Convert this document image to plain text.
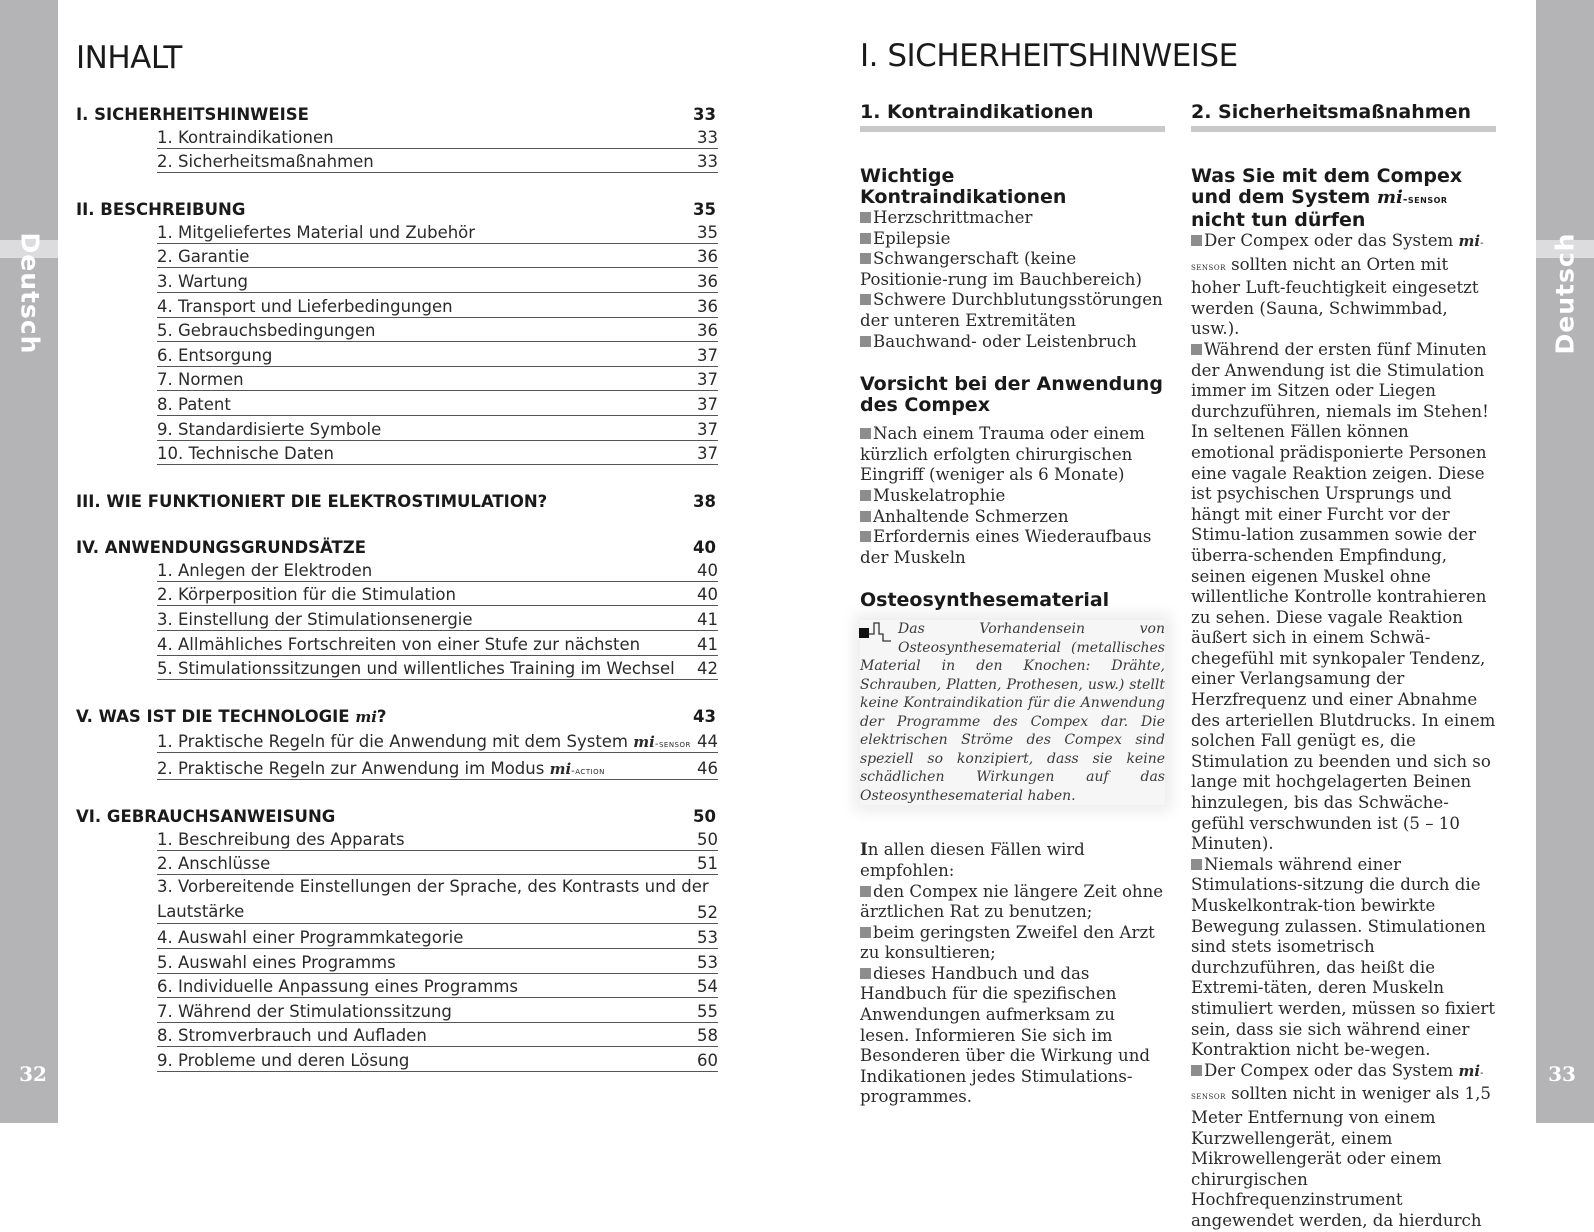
Deutsch
32
Deutsch
33
INHALT
I. SICHERHEITSHINWEISE	33
1. Kontraindikationen	33
2. Sicherheitsmaßnahmen	33
II. BESCHREIBUNG	35
1. Mitgeliefertes Material und Zubehör	35
2. Garantie	36
3. Wartung	36
4. Transport und Lieferbedingungen	36
5. Gebrauchsbedingungen	36
6. Entsorgung	37
7. Normen	37
8. Patent	37
9. Standardisierte Symbole	37
10. Technische Daten	37
III. WIE FUNKTIONIERT DIE ELEKTROSTIMULATION?	38
IV. ANWENDUNGSGRUNDSÄTZE	40
1. Anlegen der Elektroden	40
2. Körperposition für die Stimulation	40
3. Einstellung der Stimulationsenergie	41
4. Allmähliches Fortschreiten von einer Stufe zur nächsten	41
5. Stimulationssitzungen und willentliches Training im Wechsel 42
V. WAS IST DIE TECHNOLOGIE mi?	43
1. Praktische Regeln für die Anwendung mit dem System mi-sensor 44
2. Praktische Regeln zur Anwendung im Modus mi-action	46
VI. GEBRAUCHSANWEISUNG	50
1. Beschreibung des Apparats	50
2. Anschlüsse	51
3. Vorbereitende Einstellungen der Sprache, des Kontrasts und der
Lautstärke	52
4. Auswahl einer Programmkategorie	53
5. Auswahl eines Programms	53
6. Individuelle Anpassung eines Programms	54
7. Während der Stimulationssitzung	55
8. Stromverbrauch und Aufladen	58
9. Probleme und deren Lösung	60
I. SICHERHEITSHINWEISE
1. Kontraindikationen
Wichtige Kontraindikationen
Herzschrittmacher
Epilepsie
Schwangerschaft (keine Positionie-rung im Bauchbereich)
Schwere Durchblutungsstörungen der unteren Extremitäten
Bauchwand- oder Leistenbruch
Vorsicht bei der Anwendung des Compex
Nach einem Trauma oder einem kürzlich erfolgten chirurgischen Eingriff (weniger als 6 Monate)
Muskelatrophie
Anhaltende Schmerzen
Erfordernis eines Wiederaufbaus der Muskeln
Osteosynthesematerial
Das Vorhandensein von Osteosynthesematerial (metallisches Material in den Knochen: Drähte, Schrauben, Platten, Prothesen, usw.) stellt keine Kontraindikation für die Anwendung der Programme des Compex dar. Die elektrischen Ströme des Compex sind speziell so konzipiert, dass sie keine schädlichen Wirkungen auf das Osteosynthesematerial haben.
In allen diesen Fällen wird empfohlen:
den Compex nie längere Zeit ohne ärztlichen Rat zu benutzen;
beim geringsten Zweifel den Arzt zu konsultieren;
dieses Handbuch und das Handbuch für die spezifischen Anwendungen aufmerksam zu lesen. Informieren Sie sich im Besonderen über die Wirkung und Indikationen jedes Stimulations-programmes.
2. Sicherheitsmaßnahmen
Was Sie mit dem Compex und dem System mi-sensor nicht tun dürfen
Der Compex oder das System mi-sensor sollten nicht an Orten mit hoher Luft-feuchtigkeit eingesetzt werden (Sauna, Schwimmbad, usw.).
Während der ersten fünf Minuten der Anwendung ist die Stimulation immer im Sitzen oder Liegen durchzuführen, niemals im Stehen! In seltenen Fällen können emotional prädisponierte Personen eine vagale Reaktion zeigen. Diese ist psychischen Ursprungs und hängt mit einer Furcht vor der Stimu-lation zusammen sowie der überra-schenden Empfindung, seinen eigenen Muskel ohne willentliche Kontrolle kontrahieren zu sehen. Diese vagale Reaktion äußert sich in einem Schwä-chegefühl mit synkopaler Tendenz, einer Verlangsamung der Herzfrequenz und einer Abnahme des arteriellen Blutdrucks. In einem solchen Fall genügt es, die Stimulation zu beenden und sich so lange mit hochgelagerten Beinen hinzulegen, bis das Schwäche-gefühl verschwunden ist (5 – 10 Minuten).
Niemals während einer Stimulations-sitzung die durch die Muskelkontrak-tion bewirkte Bewegung zulassen. Stimulationen sind stets isometrisch durchzuführen, das heißt die Extremi-täten, deren Muskeln stimuliert werden, müssen so fixiert sein, dass sie sich während einer Kontraktion nicht be-wegen.
Der Compex oder das System mi-sensor sollten nicht in weniger als 1,5 Meter Entfernung von einem Kurzwellengerät, einem Mikrowellengerät oder einem chirurgischen Hochfrequenzinstrument angewendet werden, da hierdurch
